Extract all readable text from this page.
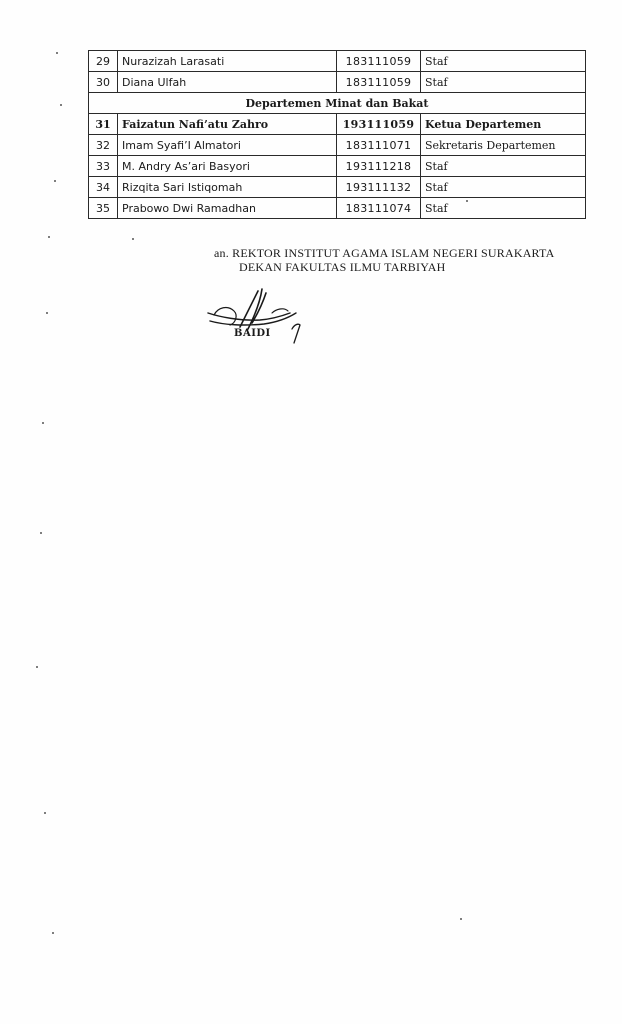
29	Nurazizah Larasati	183111059	Staf
30	Diana Ulfah	183111059	Staf
Departemen Minat dan Bakat			
31	Faizatun Nafi’atu Zahro	193111059	Ketua Departemen
32	Imam Syafi’I Almatori	183111071	Sekretaris Departemen
33	M. Andry As’ari Basyori	193111218	Staf
34	Rizqita Sari Istiqomah	193111132	Staf
35	Prabowo Dwi Ramadhan	183111074	Staf
an. REKTOR INSTITUT AGAMA ISLAM NEGERI SURAKARTA
DEKAN FAKULTAS ILMU TARBIYAH
BAIDI
